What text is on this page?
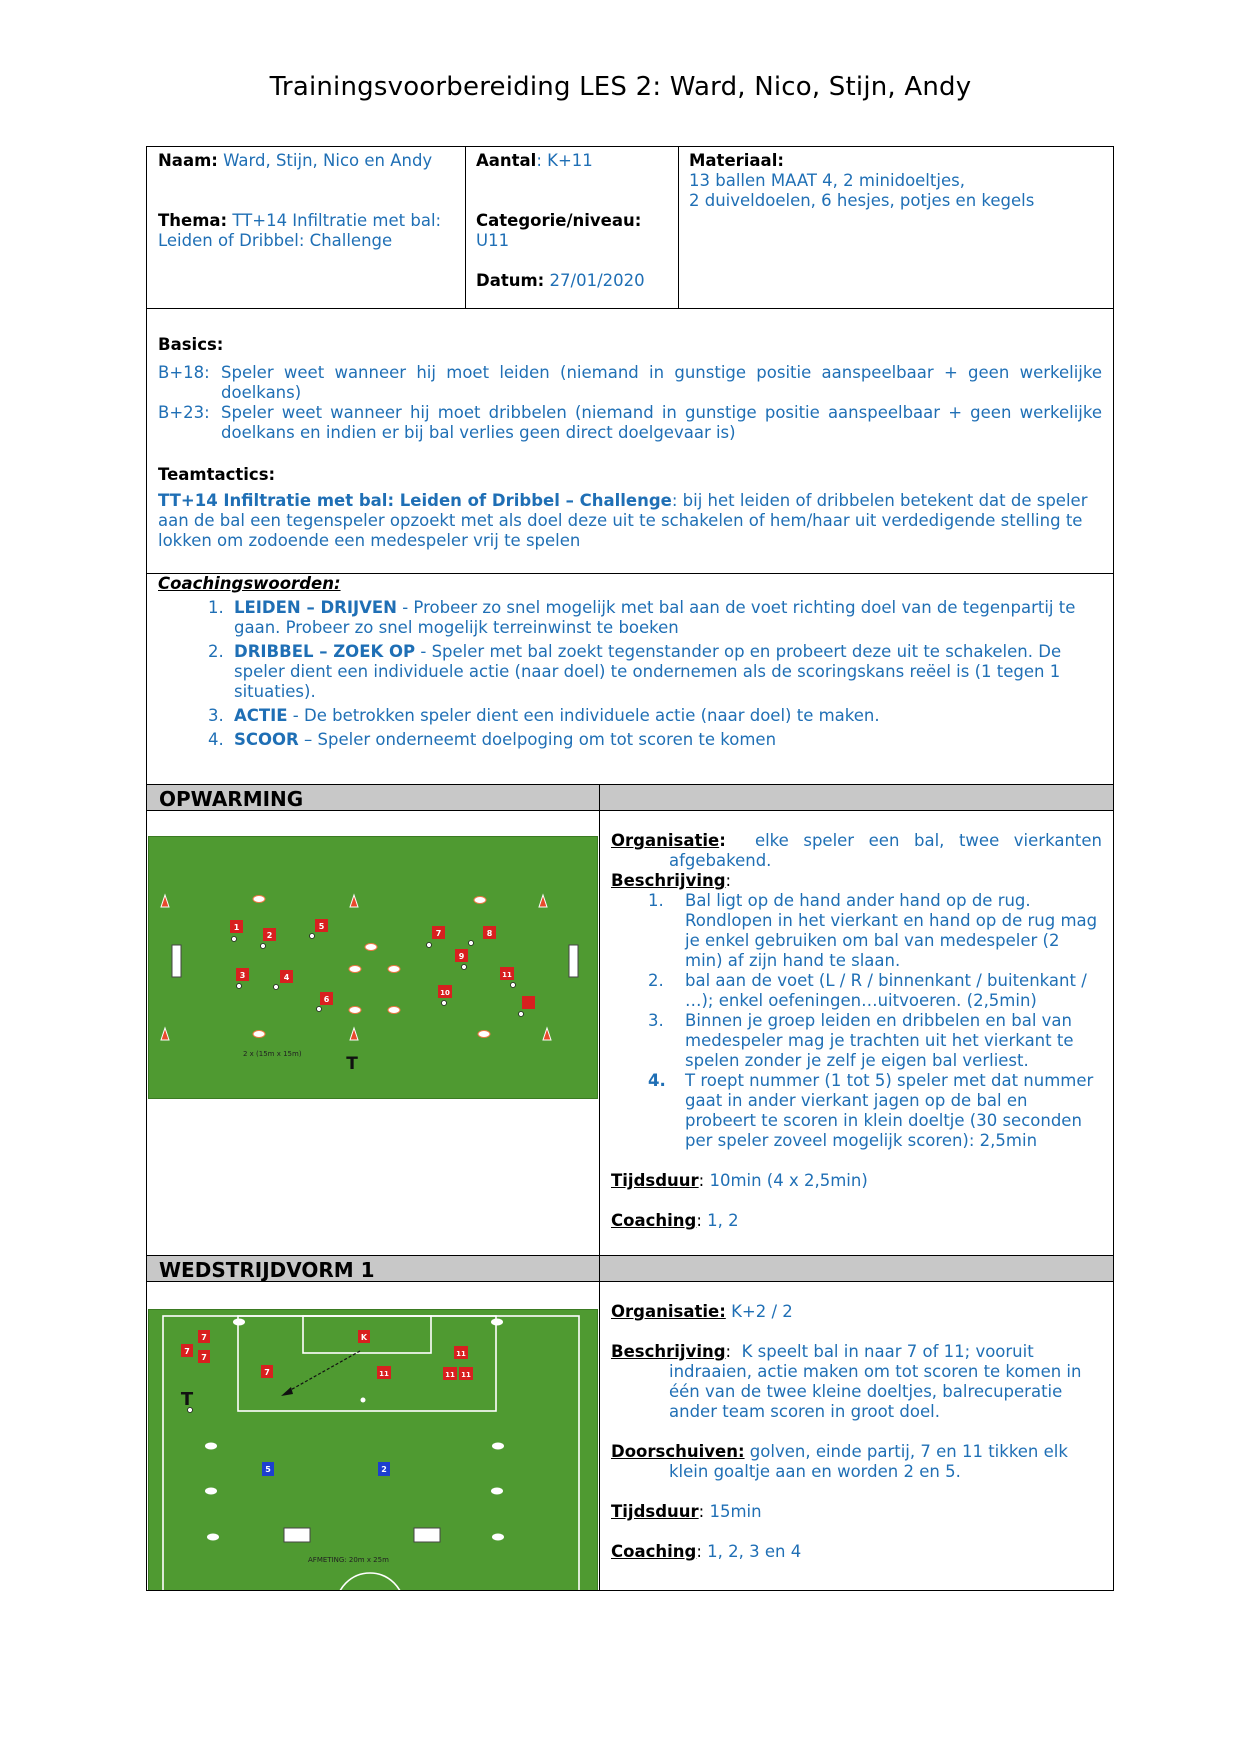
Trainingsvoorbereiding LES 2: Ward, Nico, Stijn, Andy
Naam: Ward, Stijn, Nico en Andy
Thema: TT+14 Infiltratie met bal: Leiden of Dribbel: Challenge
Aantal: K+11
Categorie/niveau:
U11
Datum: 27/01/2020
Materiaal:
13 ballen MAAT 4, 2 minidoeltjes,
2 duiveldoelen, 6 hesjes, potjes en kegels
Basics:
B+18: Speler weet wanneer hij moet leiden (niemand in gunstige positie aanspeelbaar + geen werkelijke doelkans)
B+23: Speler weet wanneer hij moet dribbelen (niemand in gunstige positie aanspeelbaar + geen werkelijke doelkans en indien er bij bal verlies geen direct doelgevaar is)
Teamtactics:
TT+14 Infiltratie met bal: Leiden of Dribbel – Challenge: bij het leiden of dribbelen betekent dat de speler aan de bal een tegenspeler opzoekt met als doel deze uit te schakelen of hem/haar uit verdedigende stelling te lokken om zodoende een medespeler vrij te spelen
Coachingswoorden:
1. LEIDEN – DRIJVEN - Probeer zo snel mogelijk met bal aan de voet richting doel van de tegenpartij te gaan. Probeer zo snel mogelijk terreinwinst te boeken
2. DRIBBEL – ZOEK OP - Speler met bal zoekt tegenstander op en probeert deze uit te schakelen. De speler dient een individuele actie (naar doel) te ondernemen als de scoringskans reëel is (1 tegen 1 situaties).
3. ACTIE - De betrokken speler dient een individuele actie (naar doel) te maken.
4. SCOOR – Speler onderneemt doelpoging om tot scoren te komen
OPWARMING
Organisatie: elke speler een bal, twee vierkanten afgebakend.
Beschrijving:
1. Bal ligt op de hand ander hand op de rug. Rondlopen in het vierkant en hand op de rug mag je enkel gebruiken om bal van medespeler (2 min) af zijn hand te slaan.
2. bal aan de voet (L / R / binnenkant / buitenkant / …); enkel oefeningen…uitvoeren. (2,5min)
3. Binnen je groep leiden en dribbelen en bal van medespeler mag je trachten uit het vierkant te spelen zonder je zelf je eigen bal verliest.
4. T roept nummer (1 tot 5) speler met dat nummer gaat in ander vierkant jagen op de bal en probeert te scoren in klein doeltje (30 seconden per speler zoveel mogelijk scoren): 2,5min
Tijdsduur: 10min (4 x 2,5min)
Coaching: 1, 2
1
2
5
3	4
6
7	8
9
11
10
2 x (15m x 15m)	T
WEDSTRIJDVORM 1
Organisatie: K+2 / 2
Beschrijving:  K speelt bal in naar 7 of 11; vooruit indraaien, actie maken om tot scoren te komen in één van de twee kleine doeltjes, balrecuperatie ander team scoren in groot doel.
Doorschuiven: golven, einde partij, 7 en 11 tikken elk klein goaltje aan en worden 2 en 5.
Tijdsduur: 15min
Coaching: 1, 2, 3 en 4
K
7
7
7
7
11
11	11 11
5	2
T
AFMETING: 20m x 25m
